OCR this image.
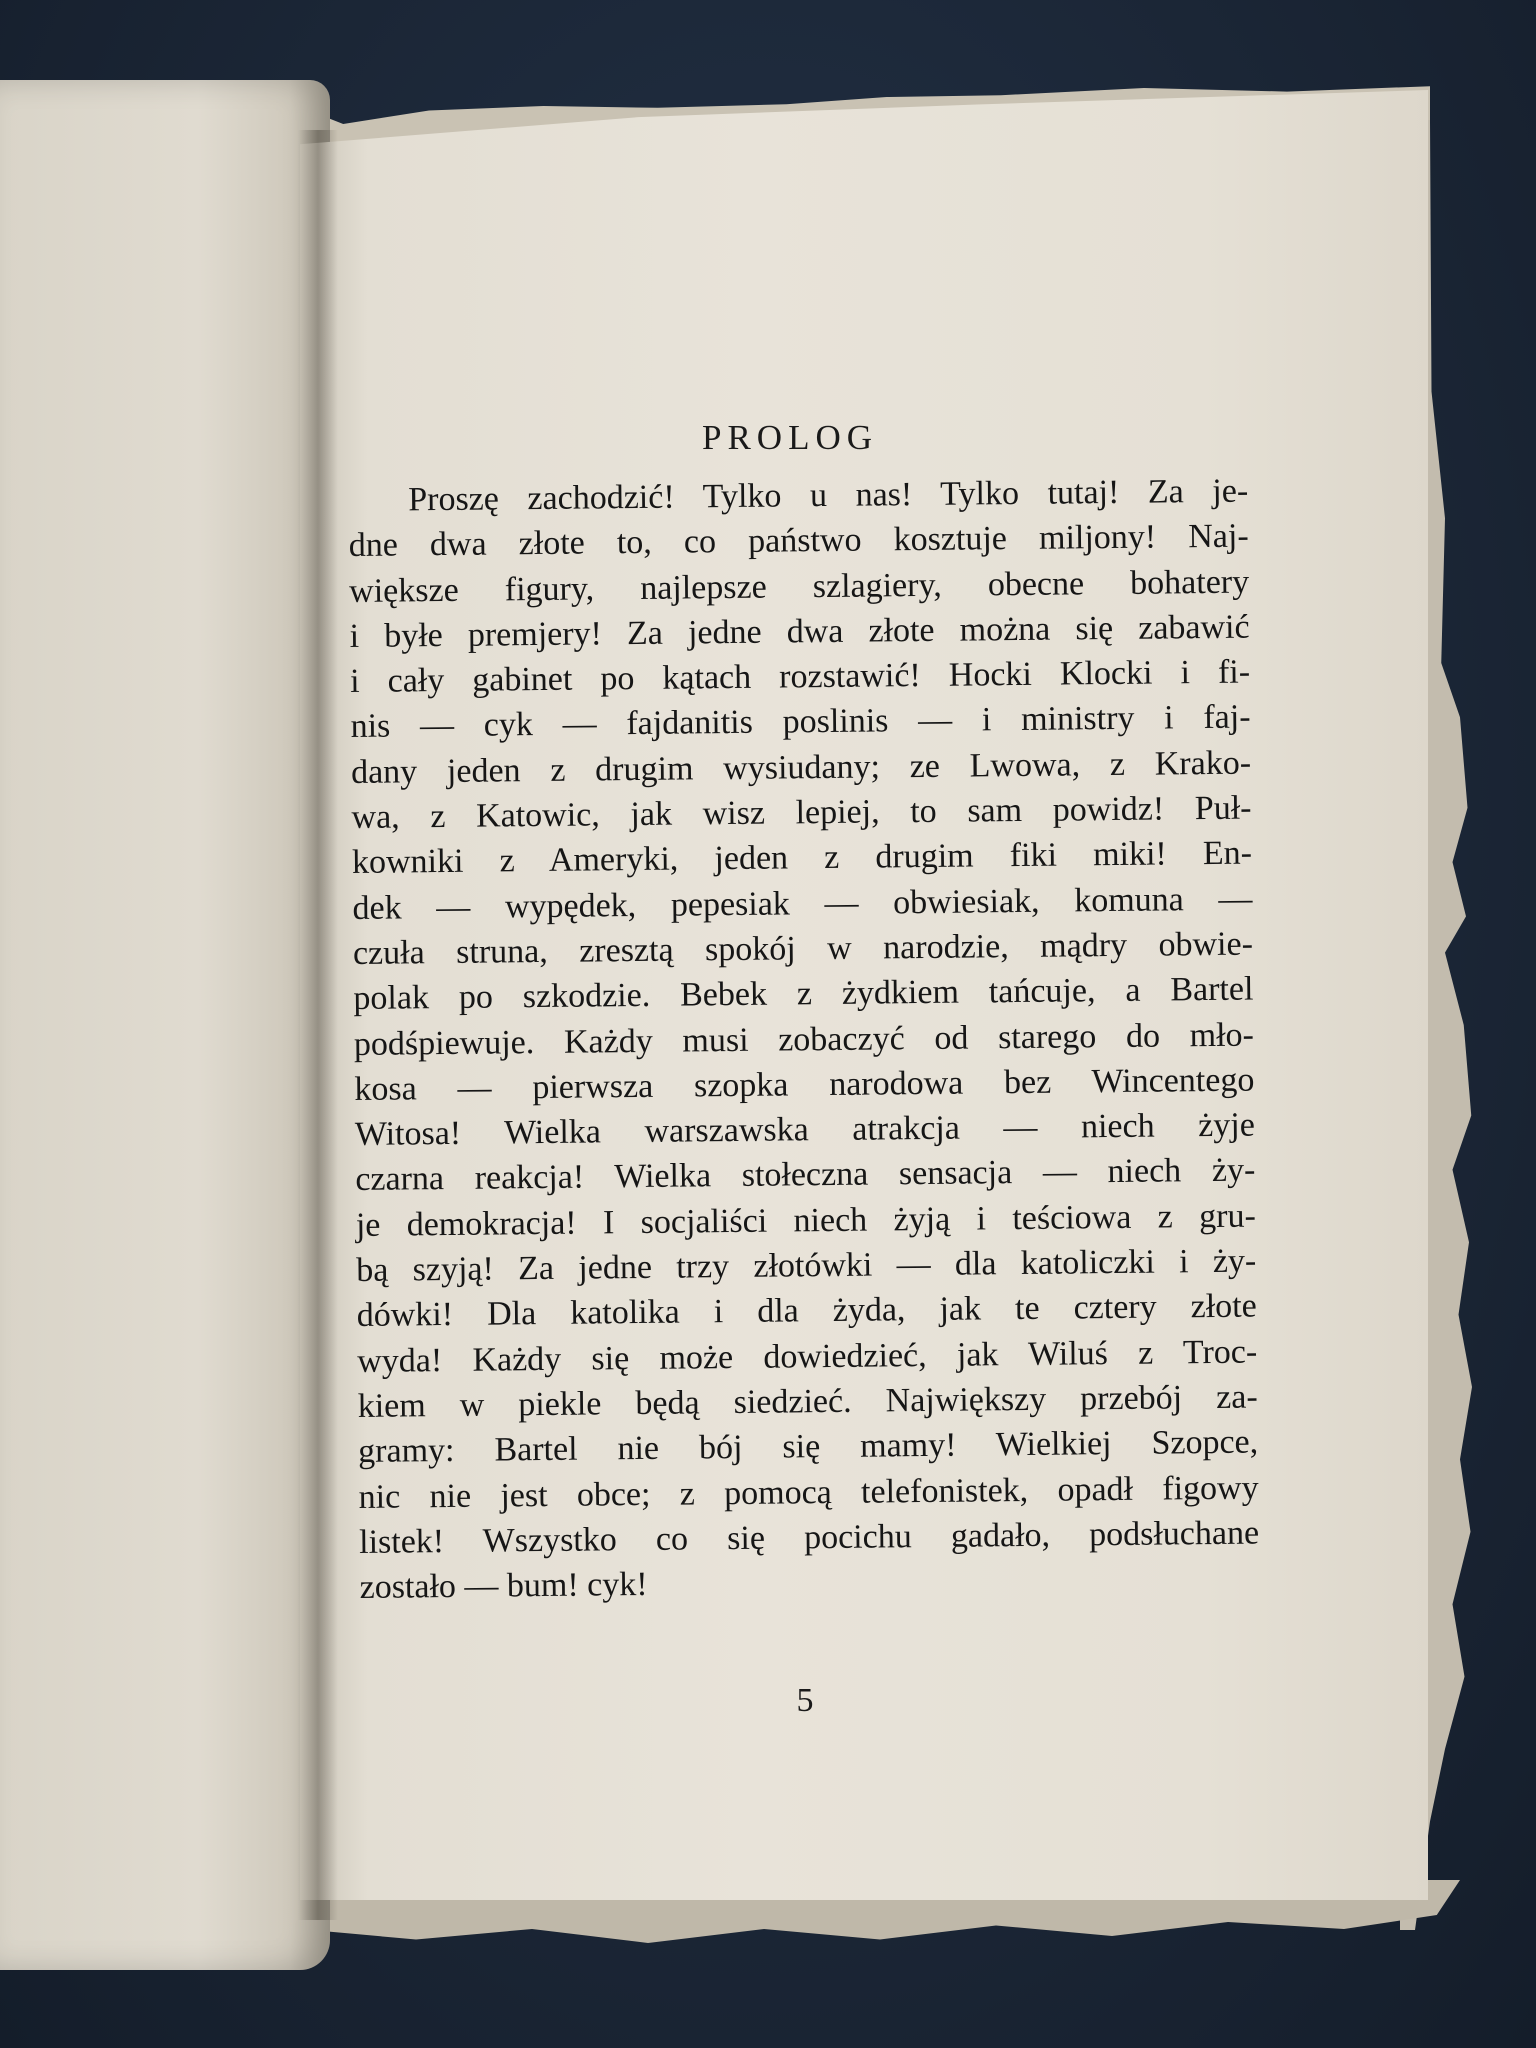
PROLOG
Proszę zachodzić! Tylko u nas! Tylko tutaj! Za je-
dne dwa złote to, co państwo kosztuje miljony! Naj-
większe figury, najlepsze szlagiery, obecne bohatery
i byłe premjery! Za jedne dwa złote można się zabawić
i cały gabinet po kątach rozstawić! Hocki Klocki i fi-
nis — cyk — fajdanitis poslinis — i ministry i faj-
dany jeden z drugim wysiudany; ze Lwowa, z Krako-
wa, z Katowic, jak wisz lepiej, to sam powidz! Puł-
kowniki z Ameryki, jeden z drugim fiki miki! En-
dek — wypędek, pepesiak — obwiesiak, komuna —
czuła struna, zresztą spokój w narodzie, mądry obwie-
polak po szkodzie. Bebek z żydkiem tańcuje, a Bartel
podśpiewuje. Każdy musi zobaczyć od starego do mło-
kosa — pierwsza szopka narodowa bez Wincentego
Witosa! Wielka warszawska atrakcja — niech żyje
czarna reakcja! Wielka stołeczna sensacja — niech ży-
je demokracja! I socjaliści niech żyją i teściowa z gru-
bą szyją! Za jedne trzy złotówki — dla katoliczki i ży-
dówki! Dla katolika i dla żyda, jak te cztery złote
wyda! Każdy się może dowiedzieć, jak Wiluś z Troc-
kiem w piekle będą siedzieć. Największy przebój za-
gramy: Bartel nie bój się mamy! Wielkiej Szopce,
nic nie jest obce; z pomocą telefonistek, opadł figowy
listek! Wszystko co się pocichu gadało, podsłuchane
zostało — bum! cyk!
5
